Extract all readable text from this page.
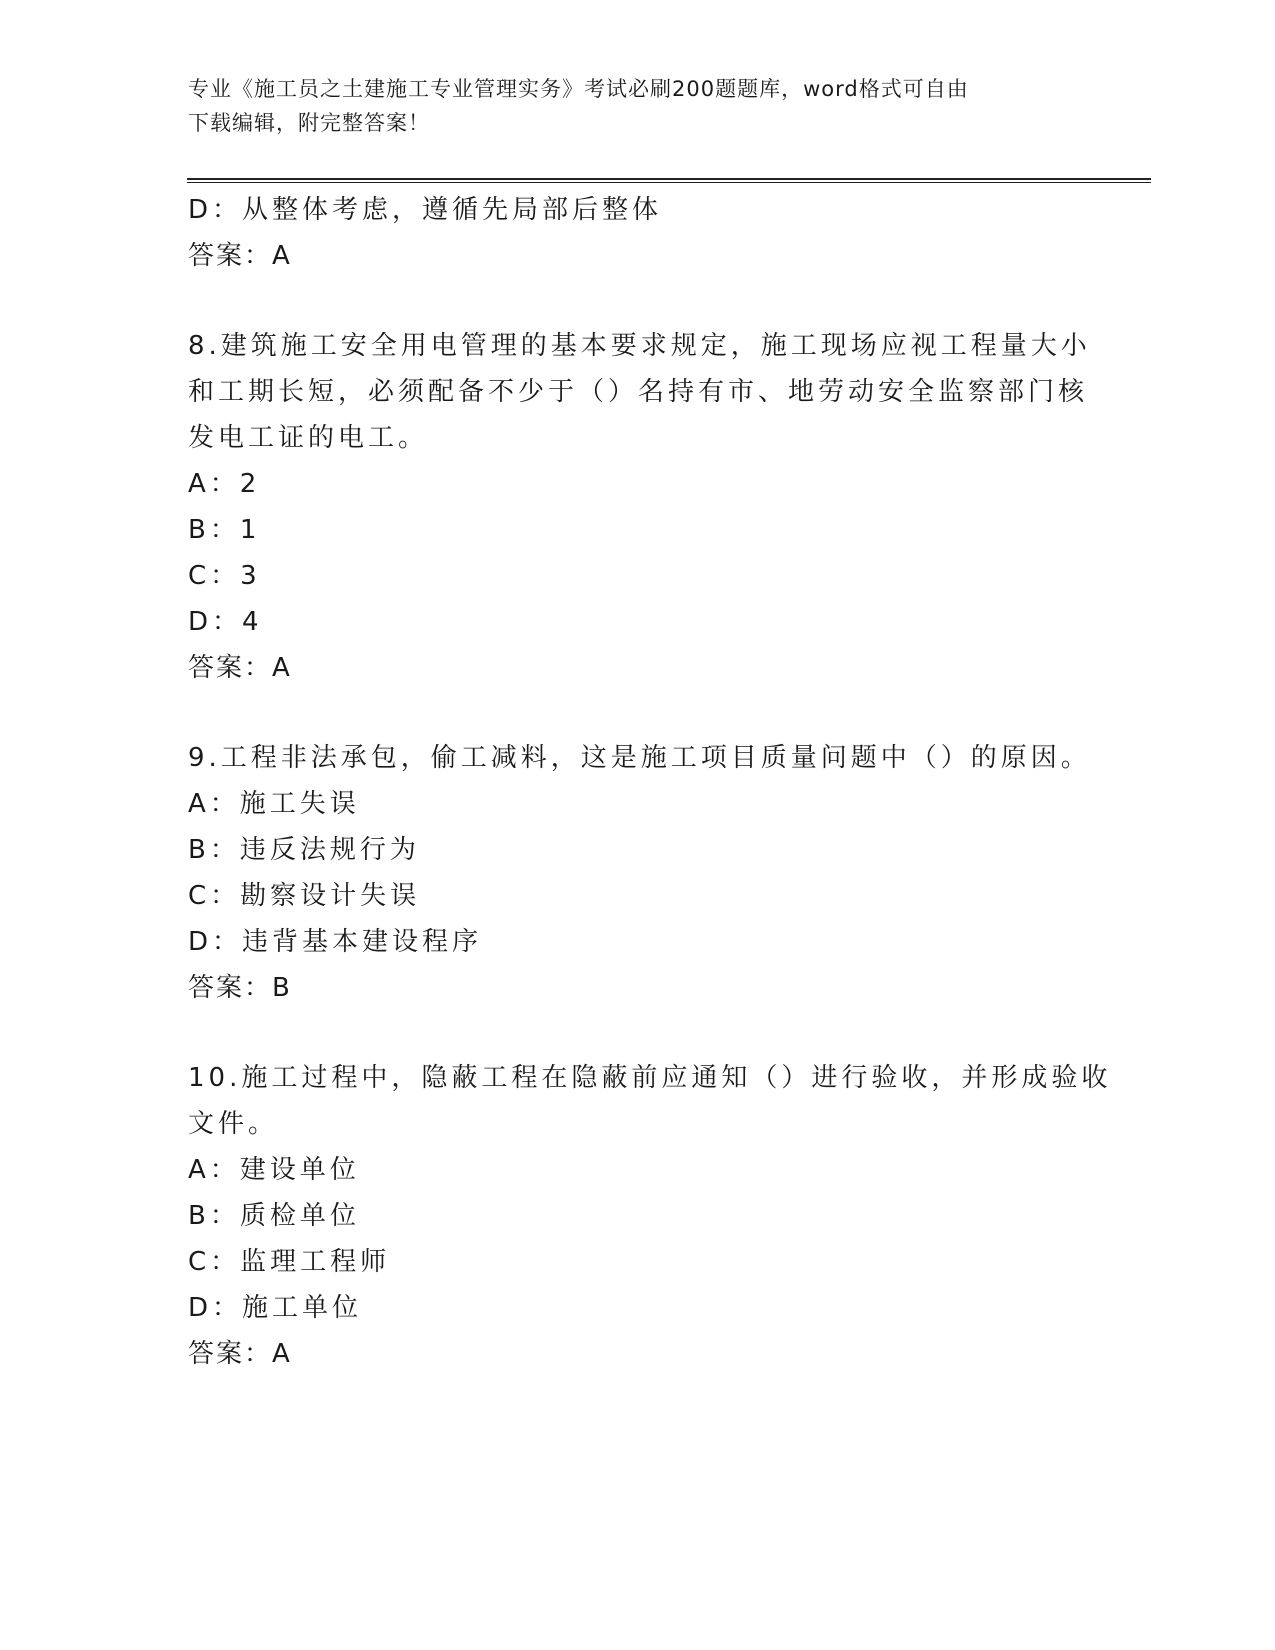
专业《施工员之土建施工专业管理实务》考试必刷200题题库，word格式可自由
下载编辑，附完整答案！
D：从整体考虑，遵循先局部后整体
答案：A
8.建筑施工安全用电管理的基本要求规定，施工现场应视工程量大小
和工期长短，必须配备不少于（）名持有市、地劳动安全监察部门核
发电工证的电工。
A：2
B：1
C：3
D：4
答案：A
9.工程非法承包，偷工减料，这是施工项目质量问题中（）的原因。
A：施工失误
B：违反法规行为
C：勘察设计失误
D：违背基本建设程序
答案：B
10.施工过程中，隐蔽工程在隐蔽前应通知（）进行验收，并形成验收
文件。
A：建设单位
B：质检单位
C：监理工程师
D：施工单位
答案：A
